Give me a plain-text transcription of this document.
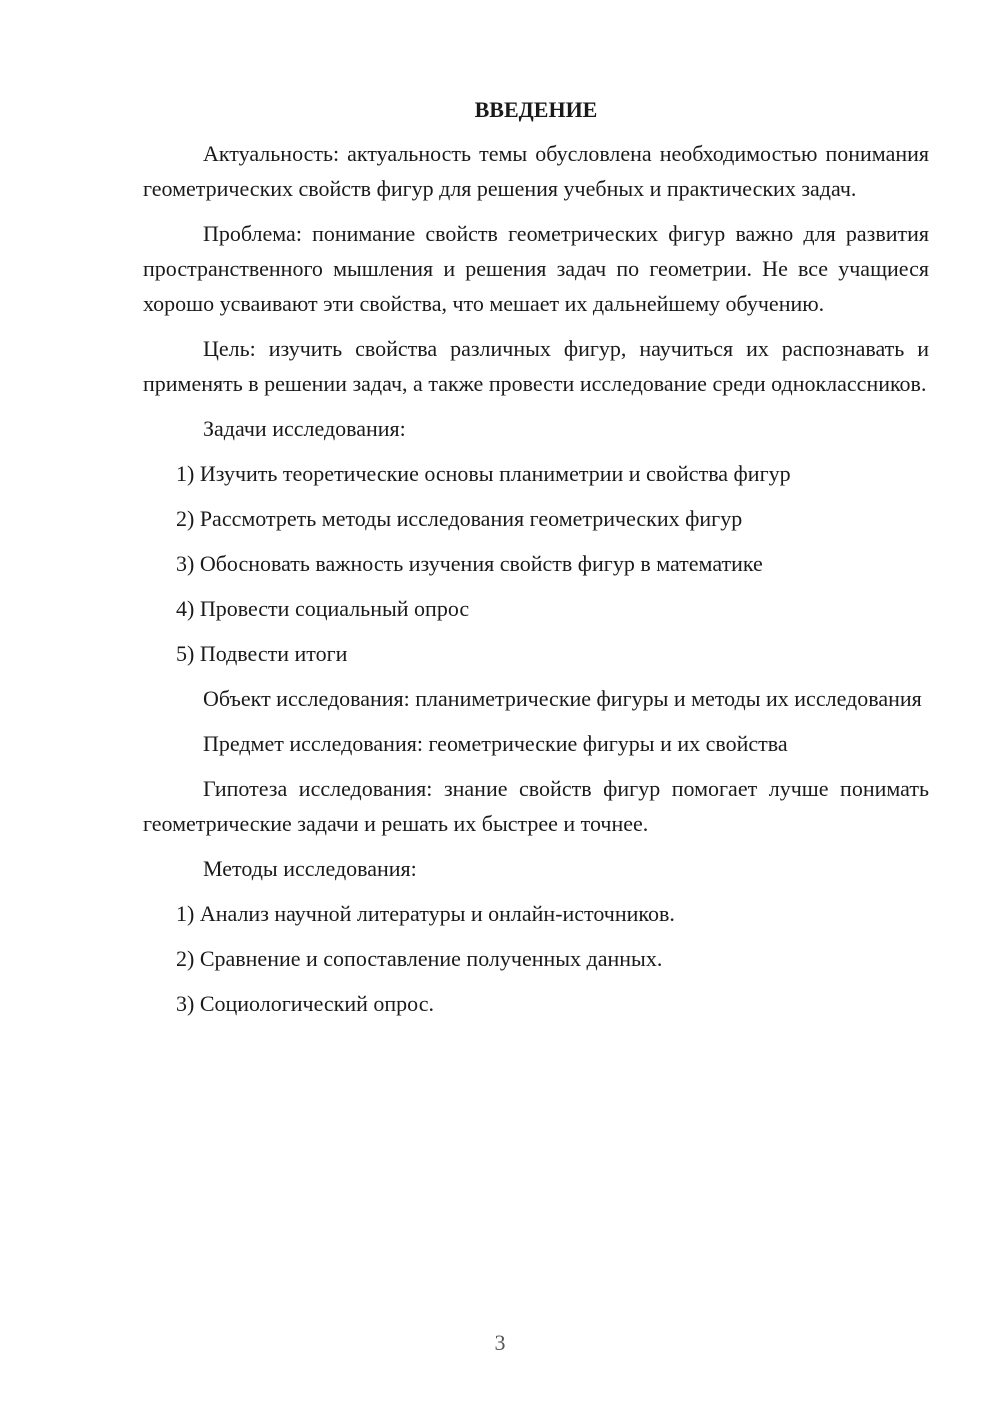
ВВЕДЕНИЕ

Актуальность: актуальность темы обусловлена необходимостью понимания геометрических свойств фигур для решения учебных и практических задач.

Проблема: понимание свойств геометрических фигур важно для развития пространственного мышления и решения задач по геометрии. Не все учащиеся хорошо усваивают эти свойства, что мешает их дальнейшему обучению.

Цель: изучить свойства различных фигур, научиться их распознавать и применять в решении задач, а также провести исследование среди одноклассников.

Задачи исследования:

1) Изучить теоретические основы планиметрии и свойства фигур
2) Рассмотреть методы исследования геометрических фигур
3) Обосновать важность изучения свойств фигур в математике
4) Провести социальный опрос
5) Подвести итоги

Объект исследования: планиметрические фигуры и методы их исследования

Предмет исследования: геометрические фигуры и их свойства

Гипотеза исследования: знание свойств фигур помогает лучше понимать геометрические задачи и решать их быстрее и точнее.

Методы исследования:

1) Анализ научной литературы и онлайн-источников.
2) Сравнение и сопоставление полученных данных.
3) Социологический опрос.
3
